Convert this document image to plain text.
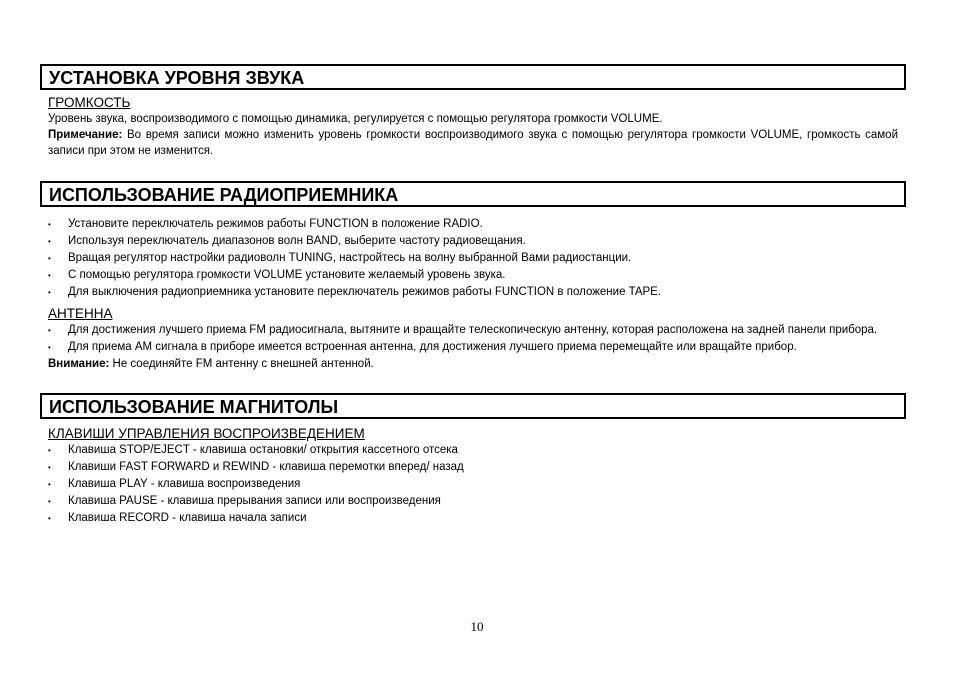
УСТАНОВКА УРОВНЯ ЗВУКА
ГРОМКОСТЬ
Уровень звука, воспроизводимого с помощью динамика, регулируется с помощью регулятора громкости VOLUME.
Примечание: Во время записи можно изменить уровень громкости воспроизводимого звука с помощью регулятора громкости VOLUME, громкость самой записи при этом не изменится.
ИСПОЛЬЗОВАНИЕ РАДИОПРИЕМНИКА
• Установите переключатель режимов работы FUNCTION в положение RADIO.
• Используя переключатель диапазонов волн BAND, выберите частоту радиовещания.
• Вращая регулятор настройки радиоволн TUNING, настройтесь на волну выбранной Вами радиостанции.
• С помощью регулятора громкости VOLUME установите желаемый уровень звука.
• Для выключения радиоприемника установите переключатель режимов работы FUNCTION в положение TAPE.
АНТЕННА
• Для достижения лучшего приема FM радиосигнала, вытяните и вращайте телескопическую антенну, которая расположена на задней панели прибора.
• Для приема АМ сигнала в приборе имеется встроенная антенна, для достижения лучшего приема перемещайте или вращайте прибор.
Внимание: Не соединяйте FM антенну с внешней антенной.
ИСПОЛЬЗОВАНИЕ МАГНИТОЛЫ
КЛАВИШИ УПРАВЛЕНИЯ ВОСПРОИЗВЕДЕНИЕМ
• Клавиша STOP/EJECT - клавиша остановки/ открытия кассетного отсека
• Клавиши FAST FORWARD и REWIND - клавиша перемотки вперед/ назад
• Клавиша PLAY - клавиша воспроизведения
• Клавиша PAUSE - клавиша прерывания записи или воспроизведения
• Клавиша RECORD - клавиша начала записи
10
